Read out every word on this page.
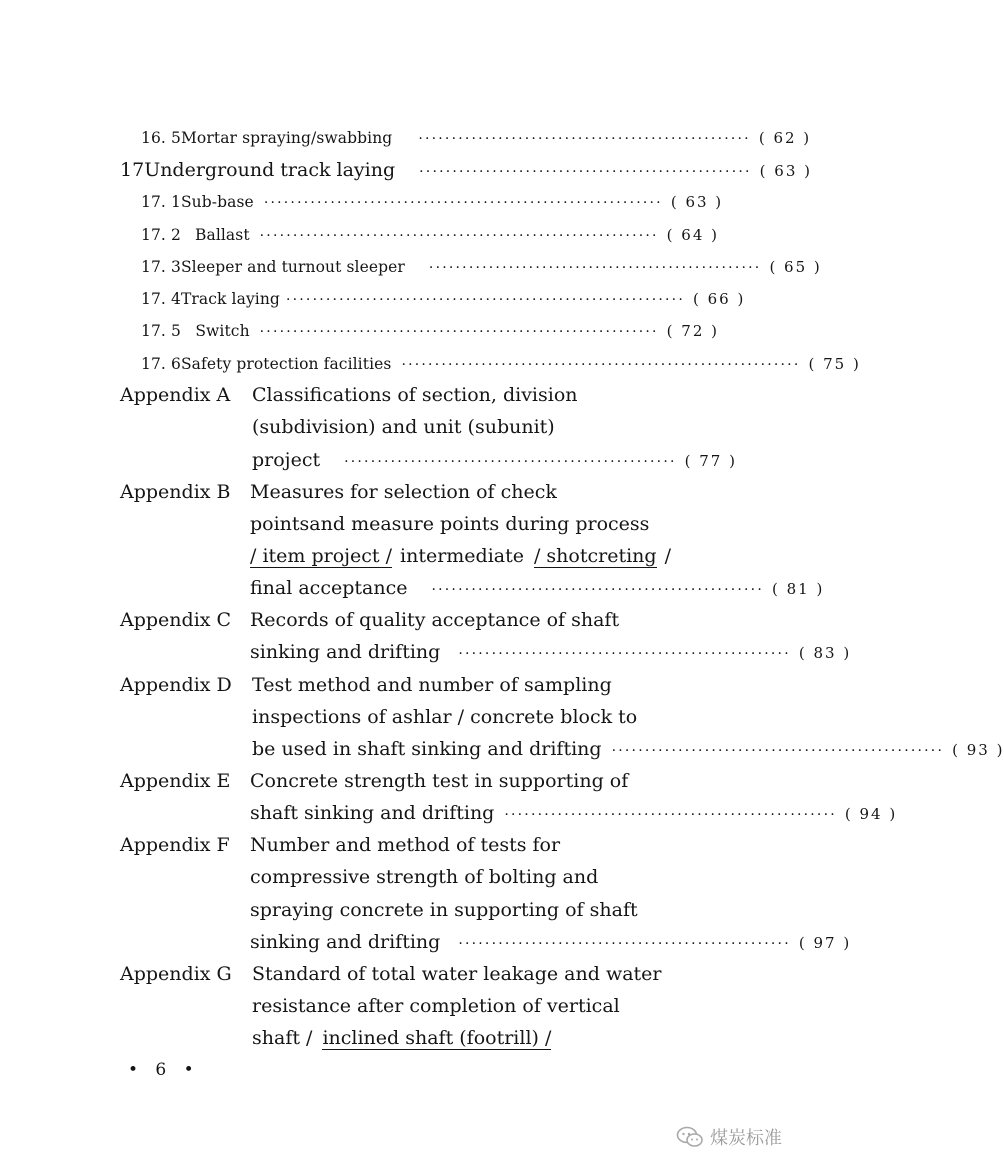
16. 5 Mortar spraying/swabbing ·················································· ( 62 )
17 Underground track laying ·················································· ( 63 )
17. 1 Sub-base ···························································· ( 63 )
17. 2 Ballast ···························································· ( 64 )
17. 3 Sleeper and turnout sleeper ·················································· ( 65 )
17. 4 Track laying ···························································· ( 66 )
17. 5 Switch ···························································· ( 72 )
17. 6 Safety protection facilities ···························································· ( 75 )
Appendix A Classifications of section, division
(subdivision) and unit (subunit)
project ·················································· ( 77 )
Appendix B Measures for selection of check
pointsand measure points during process
/ item project / intermediate / shotcreting /
final acceptance ·················································· ( 81 )
Appendix C Records of quality acceptance of shaft
sinking and drifting ·················································· ( 83 )
Appendix D Test method and number of sampling
inspections of ashlar / concrete block to
be used in shaft sinking and drifting ·················································· ( 93 )
Appendix E Concrete strength test in supporting of
shaft sinking and drifting ·················································· ( 94 )
Appendix F Number and method of tests for
compressive strength of bolting and
spraying concrete in supporting of shaft
sinking and drifting ·················································· ( 97 )
Appendix G Standard of total water leakage and water
resistance after completion of vertical
shaft / inclined shaft (footrill) /
• 6 •
煤炭标准
